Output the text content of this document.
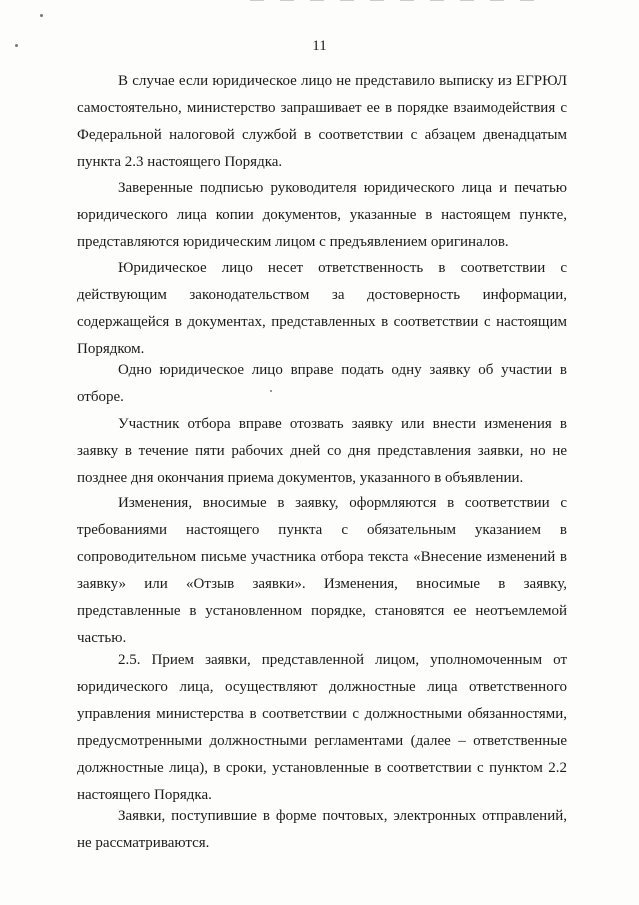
11

В случае если юридическое лицо не представило выписку из ЕГРЮЛ самостоятельно, министерство запрашивает ее в порядке взаимодействия с Федеральной налоговой службой в соответствии с абзацем двенадцатым пункта 2.3 настоящего Порядка.

Заверенные подписью руководителя юридического лица и печатью юридического лица копии документов, указанные в настоящем пункте, представляются юридическим лицом с предъявлением оригиналов.

Юридическое лицо несет ответственность в соответствии с действующим законодательством за достоверность информации, содержащейся в документах, представленных в соответствии с настоящим Порядком.

Одно юридическое лицо вправе подать одну заявку об участии в отборе.

Участник отбора вправе отозвать заявку или внести изменения в заявку в течение пяти рабочих дней со дня представления заявки, но не позднее дня окончания приема документов, указанного в объявлении.

Изменения, вносимые в заявку, оформляются в соответствии с требованиями настоящего пункта с обязательным указанием в сопроводительном письме участника отбора текста «Внесение изменений в заявку» или «Отзыв заявки». Изменения, вносимые в заявку, представленные в установленном порядке, становятся ее неотъемлемой частью.

2.5. Прием заявки, представленной лицом, уполномоченным от юридического лица, осуществляют должностные лица ответственного управления министерства в соответствии с должностными обязанностями, предусмотренными должностными регламентами (далее – ответственные должностные лица), в сроки, установленные в соответствии с пунктом 2.2 настоящего Порядка.

Заявки, поступившие в форме почтовых, электронных отправлений, не рассматриваются.
